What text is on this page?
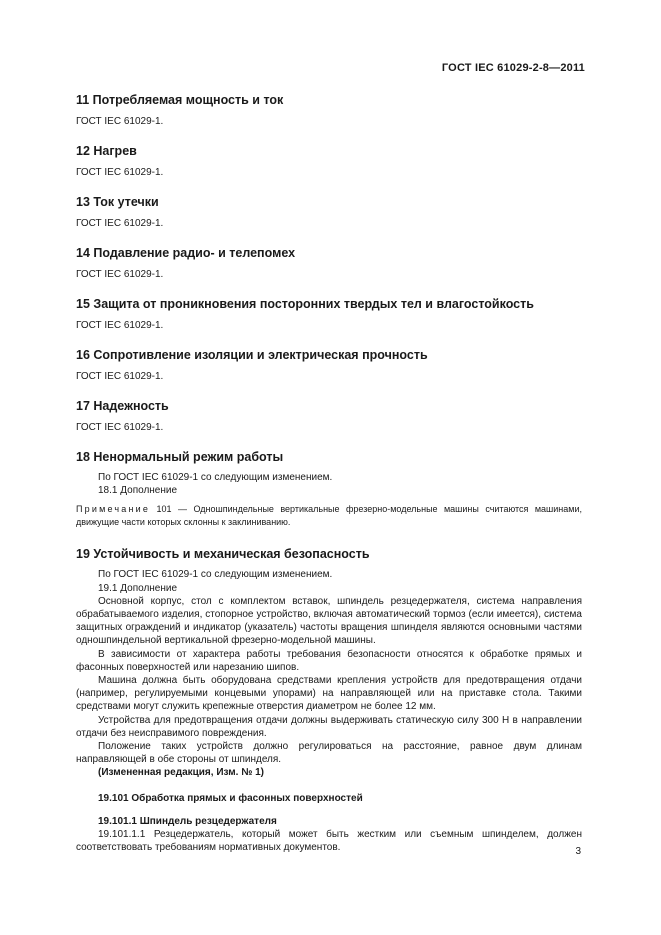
ГОСТ IEC 61029-2-8—2011
11 Потребляемая мощность и ток
ГОСТ IEC 61029-1.
12 Нагрев
ГОСТ IEC 61029-1.
13 Ток утечки
ГОСТ IEC 61029-1.
14 Подавление радио- и телепомех
ГОСТ IEC 61029-1.
15 Защита от проникновения посторонних твердых тел и влагостойкость
ГОСТ IEC 61029-1.
16 Сопротивление изоляции и электрическая прочность
ГОСТ IEC 61029-1.
17 Надежность
ГОСТ IEC 61029-1.
18 Ненормальный режим работы

По ГОСТ IEC 61029-1 со следующим изменением.

18.1 Дополнение

Примечание 101 — Одношпиндельные вертикальные фрезерно-модельные машины считаются машинами, движущие части которых склонны к заклиниванию.

19 Устойчивость и механическая безопасность

По ГОСТ IEC 61029-1 со следующим изменением.

19.1 Дополнение

Основной корпус, стол с комплектом вставок, шпиндель резцедержателя, система направления обрабатываемого изделия, стопорное устройство, включая автоматический тормоз (если имеется), система защитных ограждений и индикатор (указатель) частоты вращения шпинделя являются основными частями одношпиндельной вертикальной фрезерно-модельной машины.

В зависимости от характера работы требования безопасности относятся к обработке прямых и фасонных поверхностей или нарезанию шипов.

Машина должна быть оборудована средствами крепления устройств для предотвращения отдачи (например, регулируемыми концевыми упорами) на направляющей или на приставке стола. Такими средствами могут служить крепежные отверстия диаметром не более 12 мм.

Устройства для предотвращения отдачи должны выдерживать статическую силу 300 Н в направлении отдачи без неисправимого повреждения.

Положение таких устройств должно регулироваться на расстояние, равное двум длинам направляющей в обе стороны от шпинделя.

(Измененная редакция, Изм. № 1)

19.101 Обработка прямых и фасонных поверхностей

19.101.1 Шпиндель резцедержателя

19.101.1.1 Резцедержатель, который может быть жестким или съемным шпинделем, должен соответствовать требованиям нормативных документов.	3
